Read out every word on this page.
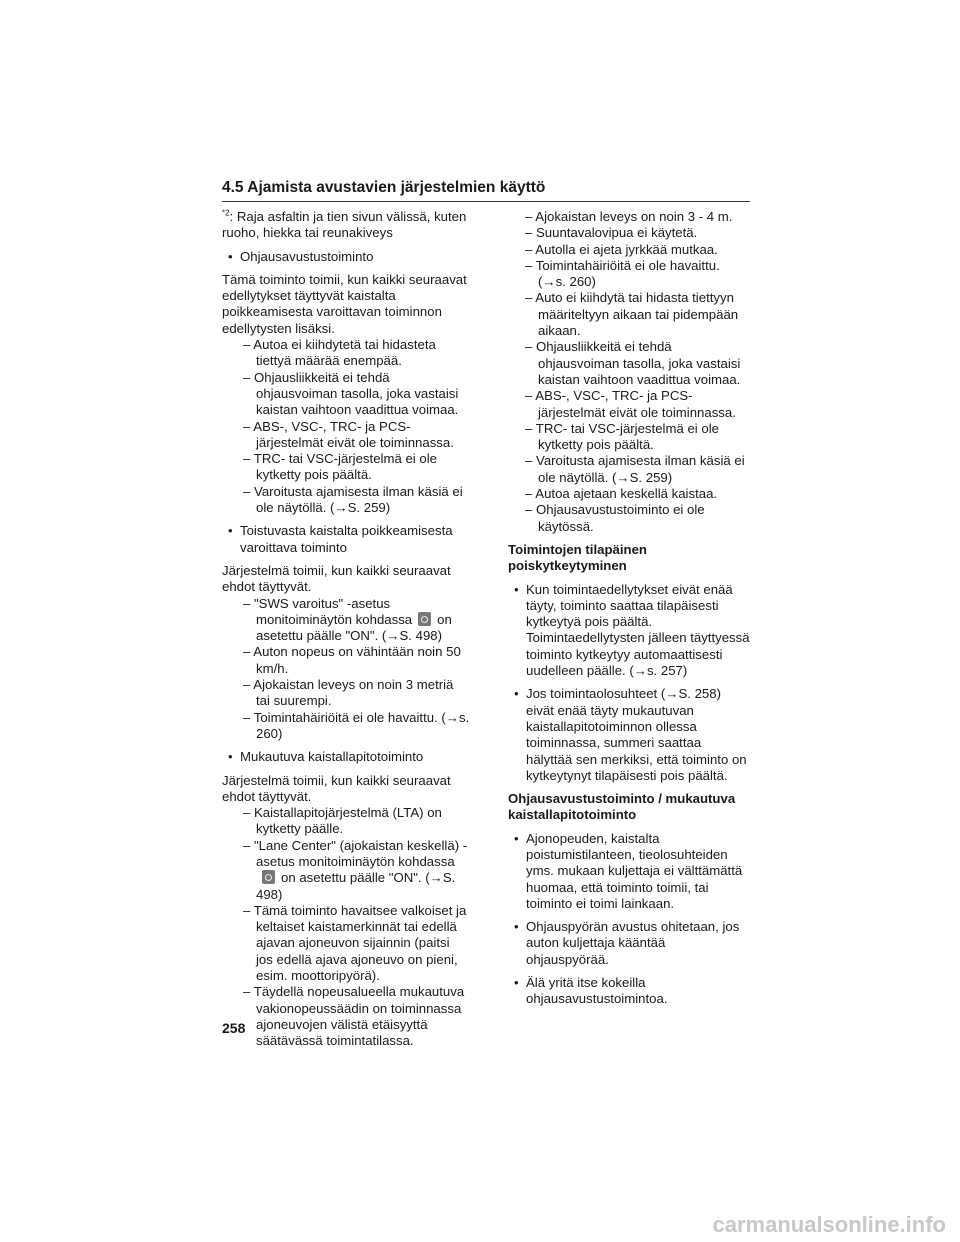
4.5 Ajamista avustavien järjestelmien käyttö

$^{*2}$: Raja asfaltin ja tien sivun välissä, kuten ruoho, hiekka tai reunakiveys

• Ohjausavustustoiminto

Tämä toiminto toimii, kun kaikki seuraavat edellytykset täyttyvät kaistalta poikkeamisesta varoittavan toiminnon edellytysten lisäksi.

– Autoa ei kiihdytetä tai hidasteta tiettyä määrää enempää.

– Ohjausliikkeitä ei tehdä ohjausvoiman tasolla, joka vastaisi kaistan vaihtoon vaadittua voimaa.

– ABS-, VSC-, TRC- ja PCS-järjestelmät eivät ole toiminnassa.

– TRC- tai VSC-järjestelmä ei ole kytketty pois päältä.

– Varoitusta ajamisesta ilman käsiä ei ole näytöllä. (→S. 259)

• Toistuvasta kaistalta poikkeamisesta varoittava toiminto

Järjestelmä toimii, kun kaikki seuraavat ehdot täyttyvät.

– "SWS varoitus" -asetus monitoiminäytön kohdassa on asetettu päälle "ON". (→S. 498)

– Auton nopeus on vähintään noin 50 km/h.

– Ajokaistan leveys on noin 3 metriä tai suurempi.

– Toimintahäiriöitä ei ole havaittu. (→s. 260)

• Mukautuva kaistallapitotoiminto

Järjestelmä toimii, kun kaikki seuraavat ehdot täyttyvät.

– Kaistallapitojärjestelmä (LTA) on kytketty päälle.

– "Lane Center" (ajokaistan keskellä) -asetus monitoiminäytön kohdassaon asetettu päälle "ON". (→S. 498)

– Tämä toiminto havaitsee valkoiset ja keltaiset kaistamerkinnät tai edellä ajavan ajoneuvon sijainnin (paitsi jos edellä ajava ajoneuvo on pieni, esim. moottoripyörä).

– Täydellä nopeusalueella mukautuva vakionopeussäädin on toiminnassa ajoneuvojen välistä etäisyyttä säätävässä toimintatilassa.

– Ajokaistan leveys on noin 3 - 4 m.

– Suuntavalovipua ei käytetä.

– Autolla ei ajeta jyrkkää mutkaa.

– Toimintahäiriöitä ei ole havaittu. (→s. 260)

– Auto ei kiihdytä tai hidasta tiettyyn määriteltyyn aikaan tai pidempään aikaan.

– Ohjausliikkeitä ei tehdä ohjausvoiman tasolla, joka vastaisi kaistan vaihtoon vaadittua voimaa.

– ABS-, VSC-, TRC- ja PCS-järjestelmät eivät ole toiminnassa.

– TRC- tai VSC-järjestelmä ei ole kytketty pois päältä.

– Varoitusta ajamisesta ilman käsiä ei ole näytöllä. (→S. 259)

– Autoa ajetaan keskellä kaistaa.

– Ohjausavustustoiminto ei ole käytössä.

Toimintojen tilapäinen poiskytkeytyminen

• Kun toimintaedellytykset eivät enää täyty, toiminto saattaa tilapäisesti kytkeytyä pois päältä. Toimintaedellytysten jälleen täyttyessä toiminto kytkeytyy automaattisesti uudelleen päälle. (→s. 257)

• Jos toimintaolosuhteet (→S. 258) eivät enää täyty mukautuvan kaistallapitotoiminnon ollessa toiminnassa, summeri saattaa hälyttää sen merkiksi, että toiminto on kytkeytynyt tilapäisesti pois päältä.

Ohjausavustustoiminto / mukautuva kaistallapitotoiminto

• Ajonopeuden, kaistalta poistumistilanteen, tieolosuhteiden yms. mukaan kuljettaja ei välttämättä huomaa, että toiminto toimii, tai toiminto ei toimi lainkaan.

• Ohjauspyörän avustus ohitetaan, jos auton kuljettaja kääntää ohjauspyörää.

• Älä yritä itse kokeilla ohjausavustustoimintoa.

258
carmanualsonline.info
